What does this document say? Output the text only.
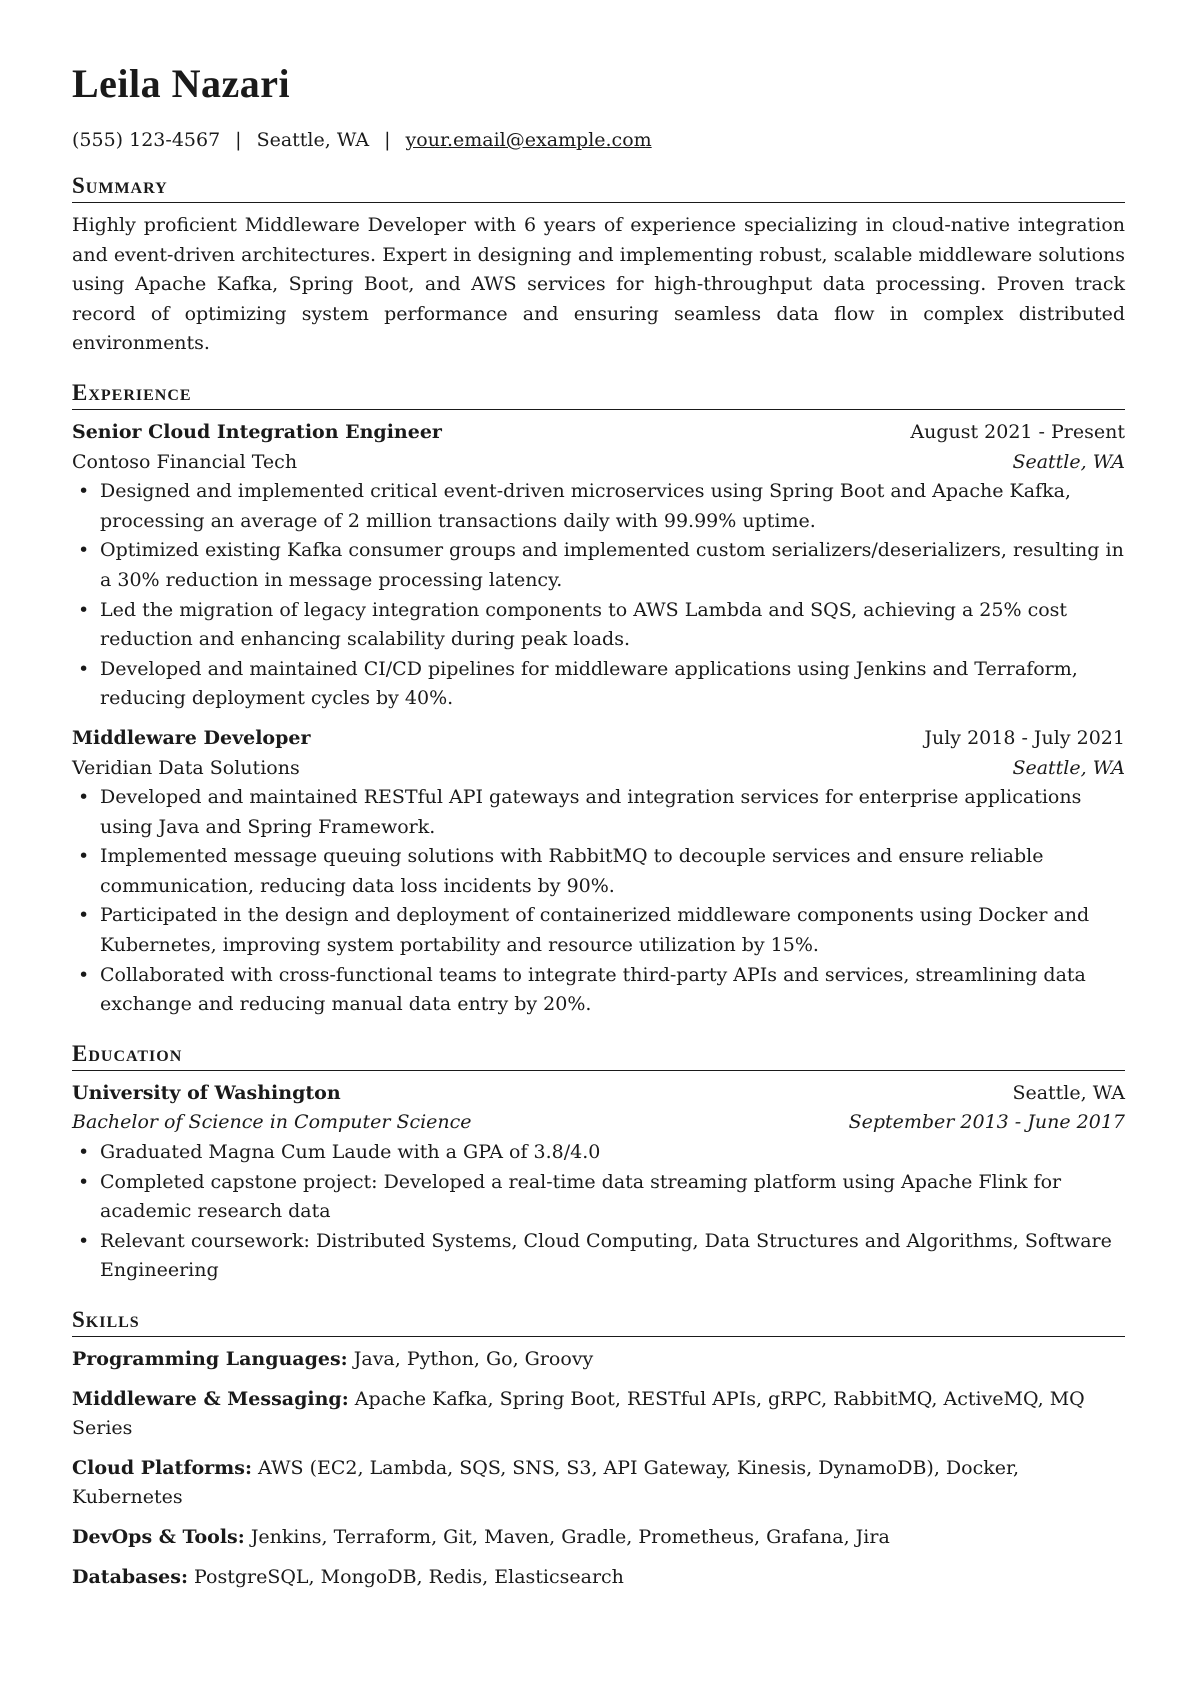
Leila Nazari
(555) 123-4567 | Seattle, WA | your.email@example.com
Summary

Highly proficient Middleware Developer with 6 years of experience specializing in cloud-native integration and event-driven architectures. Expert in designing and implementing robust, scalable middleware solutions using Apache Kafka, Spring Boot, and AWS services for high-throughput data processing. Proven track record of optimizing system performance and ensuring seamless data flow in complex distributed environments.

Experience
Senior Cloud Integration Engineer	August 2021 - Present
Contoso Financial Tech	Seattle, WA
• Designed and implemented critical event-driven microservices using Spring Boot and Apache Kafka, processing an average of 2 million transactions daily with 99.99% uptime.
• Optimized existing Kafka consumer groups and implemented custom serializers/deserializers, resulting in a 30% reduction in message processing latency.
• Led the migration of legacy integration components to AWS Lambda and SQS, achieving a 25% cost reduction and enhancing scalability during peak loads.
• Developed and maintained CI/CD pipelines for middleware applications using Jenkins and Terraform, reducing deployment cycles by 40%.
Middleware Developer	July 2018 - July 2021
Veridian Data Solutions	Seattle, WA
• Developed and maintained RESTful API gateways and integration services for enterprise applications using Java and Spring Framework.
• Implemented message queuing solutions with RabbitMQ to decouple services and ensure reliable communication, reducing data loss incidents by 90%.
• Participated in the design and deployment of containerized middleware components using Docker and Kubernetes, improving system portability and resource utilization by 15%.
• Collaborated with cross-functional teams to integrate third-party APIs and services, streamlining data exchange and reducing manual data entry by 20%.
Education
University of Washington	Seattle, WA
Bachelor of Science in Computer Science	September 2013 - June 2017
• Graduated Magna Cum Laude with a GPA of 3.8/4.0
• Completed capstone project: Developed a real-time data streaming platform using Apache Flink for academic research data
• Relevant coursework: Distributed Systems, Cloud Computing, Data Structures and Algorithms, Software Engineering
Skills
Programming Languages: Java, Python, Go, Groovy
Middleware & Messaging: Apache Kafka, Spring Boot, RESTful APIs, gRPC, RabbitMQ, ActiveMQ, MQ Series
Cloud Platforms: AWS (EC2, Lambda, SQS, SNS, S3, API Gateway, Kinesis, DynamoDB), Docker, Kubernetes
DevOps & Tools: Jenkins, Terraform, Git, Maven, Gradle, Prometheus, Grafana, Jira
Databases: PostgreSQL, MongoDB, Redis, Elasticsearch
